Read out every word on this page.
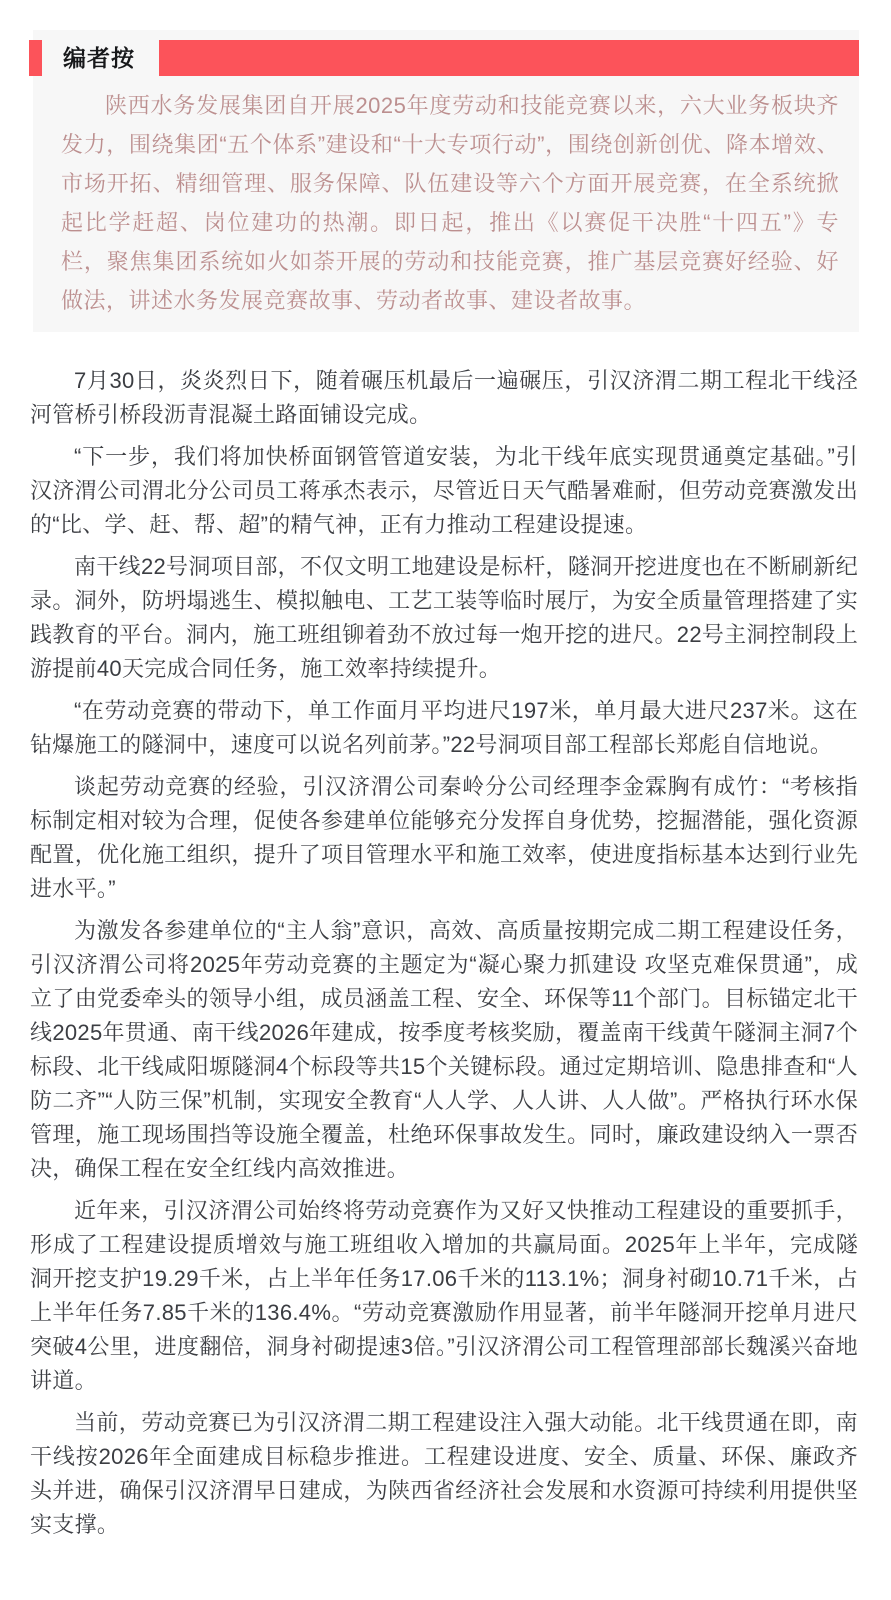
编者按

陕西水务发展集团自开展2025年度劳动和技能竞赛以来，六大业务板块齐发力，围绕集团“五个体系”建设和“十大专项行动”，围绕创新创优、降本增效、市场开拓、精细管理、服务保障、队伍建设等六个方面开展竞赛，在全系统掀起比学赶超、岗位建功的热潮。即日起，推出《以赛促干决胜“十四五”》专栏，聚焦集团系统如火如荼开展的劳动和技能竞赛，推广基层竞赛好经验、好做法，讲述水务发展竞赛故事、劳动者故事、建设者故事。

7月30日，炎炎烈日下，随着碾压机最后一遍碾压，引汉济渭二期工程北干线泾河管桥引桥段沥青混凝土路面铺设完成。

“下一步，我们将加快桥面钢管管道安装，为北干线年底实现贯通奠定基础。”引汉济渭公司渭北分公司员工蒋承杰表示，尽管近日天气酷暑难耐，但劳动竞赛激发出的“比、学、赶、帮、超”的精气神，正有力推动工程建设提速。

南干线22号洞项目部，不仅文明工地建设是标杆，隧洞开挖进度也在不断刷新纪录。洞外，防坍塌逃生、模拟触电、工艺工装等临时展厅，为安全质量管理搭建了实践教育的平台。洞内，施工班组铆着劲不放过每一炮开挖的进尺。22号主洞控制段上游提前40天完成合同任务，施工效率持续提升。

“在劳动竞赛的带动下，单工作面月平均进尺197米，单月最大进尺237米。这在钻爆施工的隧洞中，速度可以说名列前茅。”22号洞项目部工程部长郑彪自信地说。

谈起劳动竞赛的经验，引汉济渭公司秦岭分公司经理李金霖胸有成竹：“考核指标制定相对较为合理，促使各参建单位能够充分发挥自身优势，挖掘潜能，强化资源配置，优化施工组织，提升了项目管理水平和施工效率，使进度指标基本达到行业先进水平。”

为激发各参建单位的“主人翁”意识，高效、高质量按期完成二期工程建设任务，引汉济渭公司将2025年劳动竞赛的主题定为“凝心聚力抓建设 攻坚克难保贯通”，成立了由党委牵头的领导小组，成员涵盖工程、安全、环保等11个部门。目标锚定北干线2025年贯通、南干线2026年建成，按季度考核奖励，覆盖南干线黄午隧洞主洞7个标段、北干线咸阳塬隧洞4个标段等共15个关键标段。通过定期培训、隐患排查和“人防二齐”“人防三保”机制，实现安全教育“人人学、人人讲、人人做”。严格执行环水保管理，施工现场围挡等设施全覆盖，杜绝环保事故发生。同时，廉政建设纳入一票否决，确保工程在安全红线内高效推进。

近年来，引汉济渭公司始终将劳动竞赛作为又好又快推动工程建设的重要抓手，形成了工程建设提质增效与施工班组收入增加的共赢局面。2025年上半年，完成隧洞开挖支护19.29千米，占上半年任务17.06千米的113.1%；洞身衬砌10.71千米，占上半年任务7.85千米的136.4%。“劳动竞赛激励作用显著，前半年隧洞开挖单月进尺突破4公里，进度翻倍，洞身衬砌提速3倍。”引汉济渭公司工程管理部部长魏溪兴奋地讲道。

当前，劳动竞赛已为引汉济渭二期工程建设注入强大动能。北干线贯通在即，南干线按2026年全面建成目标稳步推进。工程建设进度、安全、质量、环保、廉政齐头并进，确保引汉济渭早日建成，为陕西省经济社会发展和水资源可持续利用提供坚实支撑。
